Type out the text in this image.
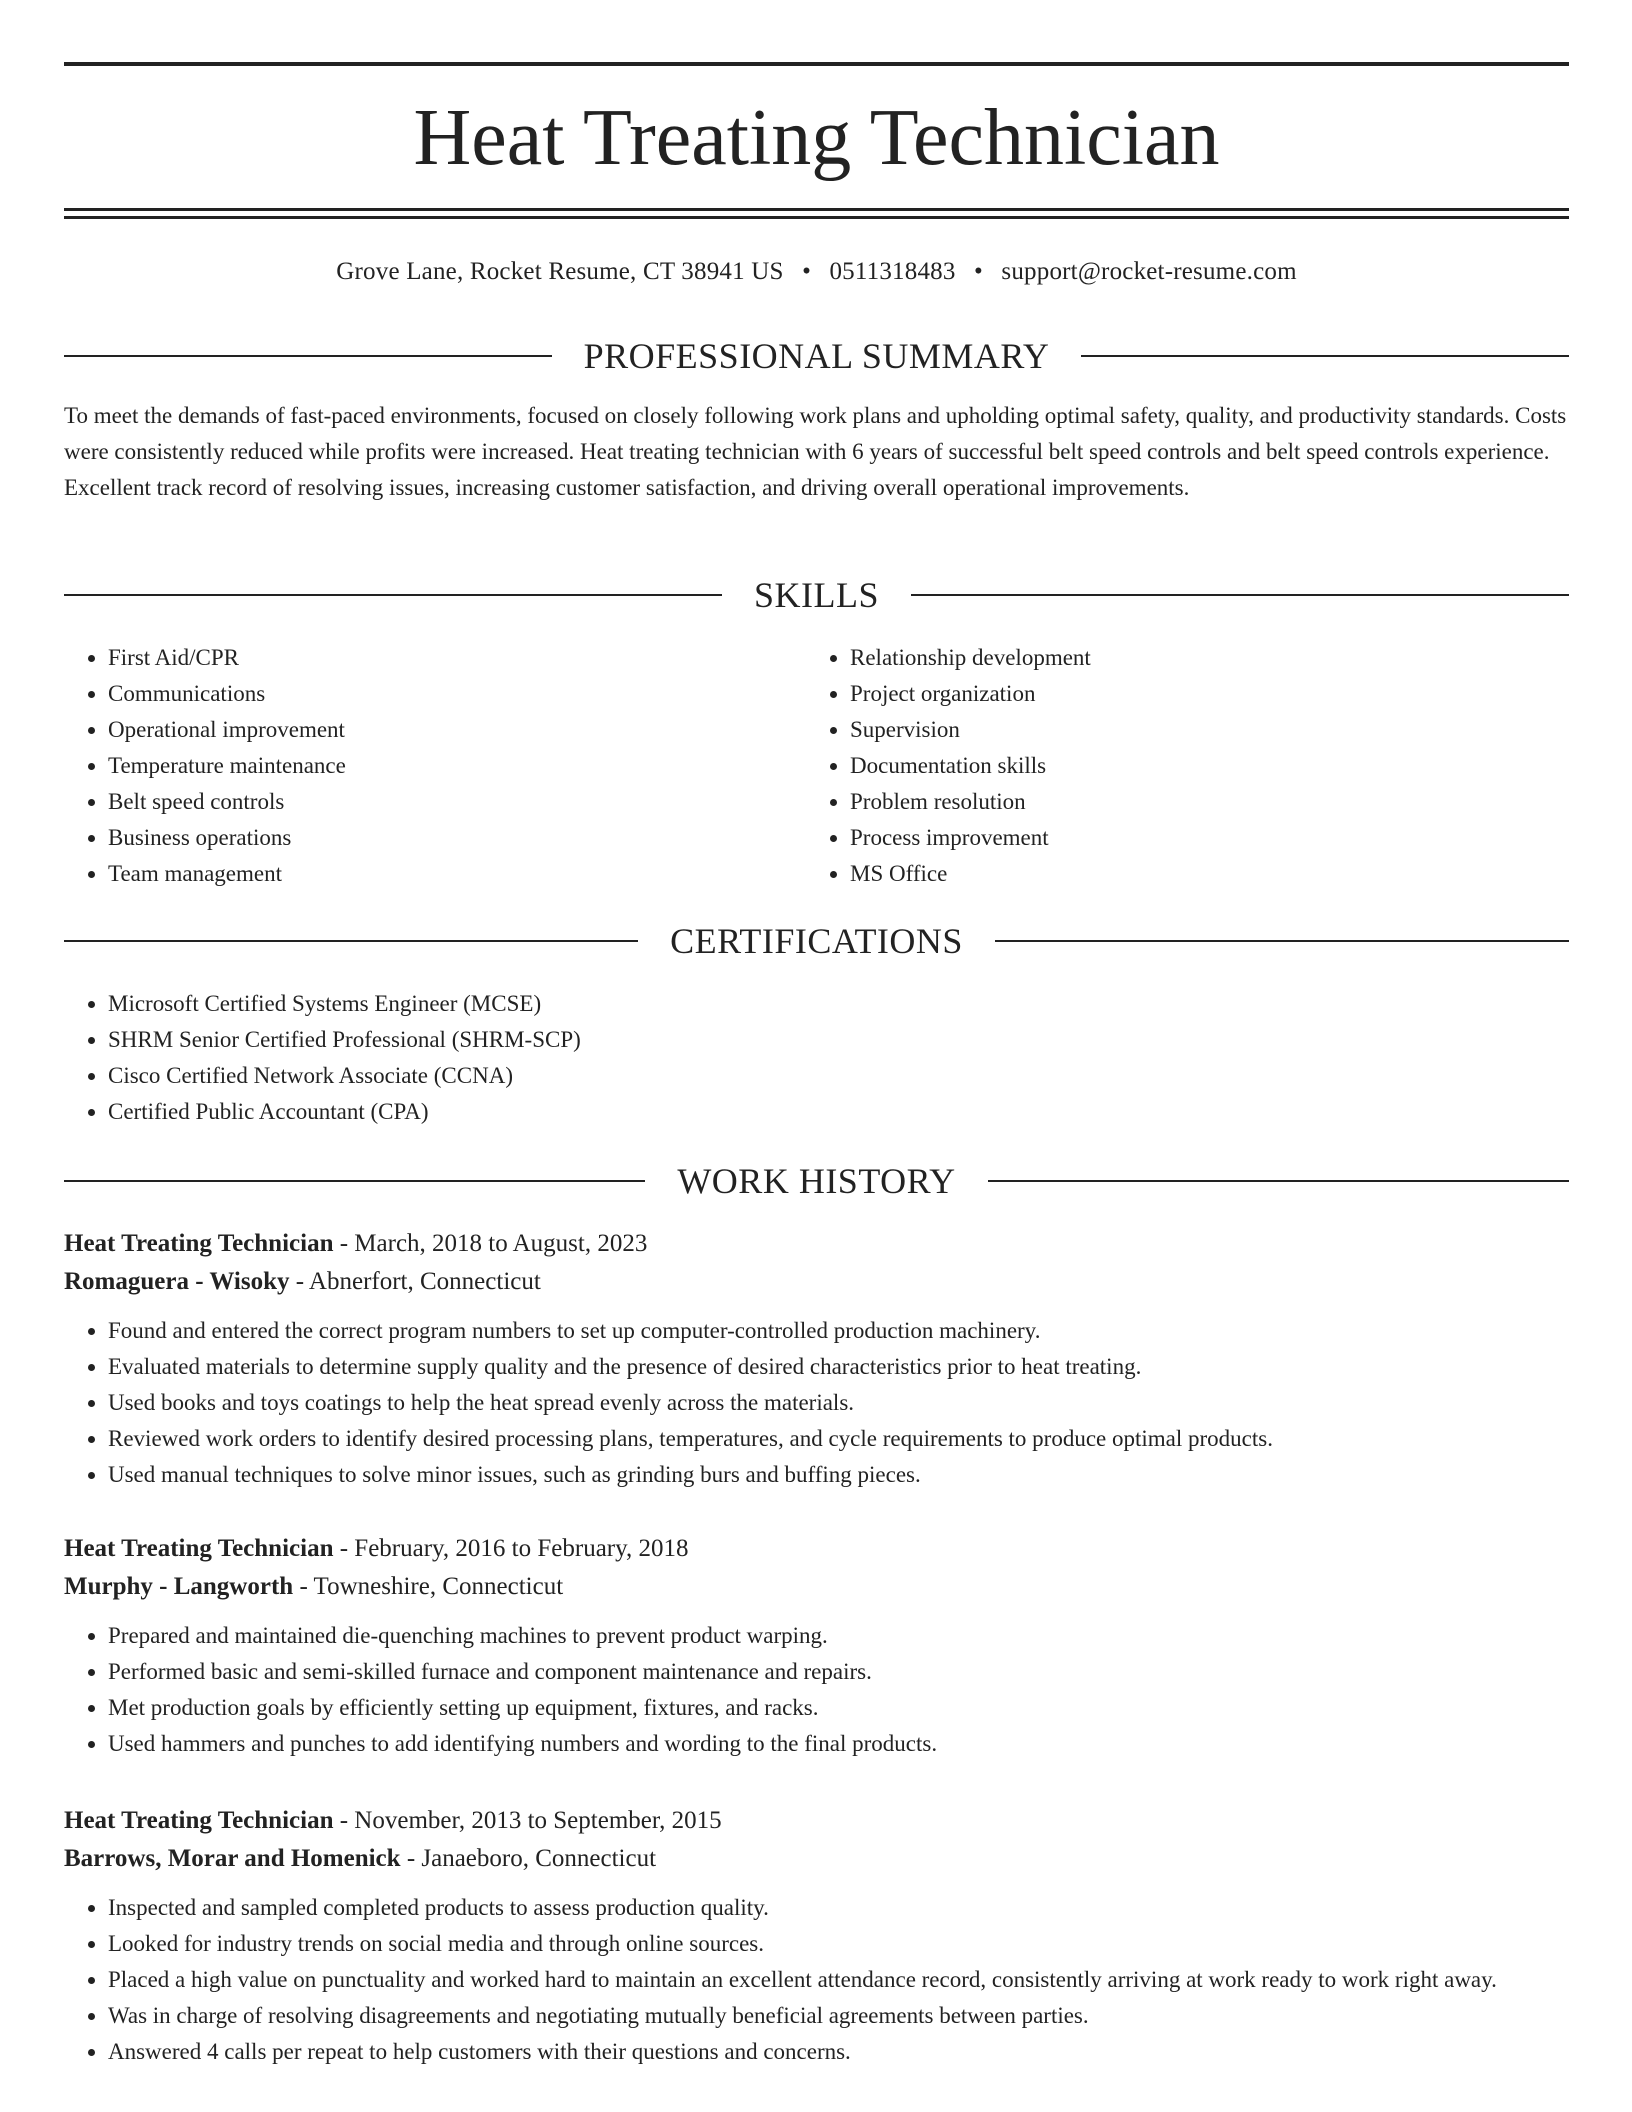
Heat Treating Technician
Grove Lane, Rocket Resume, CT 38941 US • 0511318483 • support@rocket-resume.com
PROFESSIONAL SUMMARY

To meet the demands of fast-paced environments, focused on closely following work plans and upholding optimal safety, quality, and productivity standards. Costs were consistently reduced while profits were increased. Heat treating technician with 6 years of successful belt speed controls and belt speed controls experience. Excellent track record of resolving issues, increasing customer satisfaction, and driving overall operational improvements.

SKILLS
• First Aid/CPR
• Communications
• Operational improvement
• Temperature maintenance
• Belt speed controls
• Business operations
• Team management
• Relationship development
• Project organization
• Supervision
• Documentation skills
• Problem resolution
• Process improvement
• MS Office
CERTIFICATIONS
• Microsoft Certified Systems Engineer (MCSE)
• SHRM Senior Certified Professional (SHRM-SCP)
• Cisco Certified Network Associate (CCNA)
• Certified Public Accountant (CPA)
WORK HISTORY
Heat Treating Technician - March, 2018 to August, 2023
Romaguera - Wisoky - Abnerfort, Connecticut
• Found and entered the correct program numbers to set up computer-controlled production machinery.
• Evaluated materials to determine supply quality and the presence of desired characteristics prior to heat treating.
• Used books and toys coatings to help the heat spread evenly across the materials.
• Reviewed work orders to identify desired processing plans, temperatures, and cycle requirements to produce optimal products.
• Used manual techniques to solve minor issues, such as grinding burs and buffing pieces.
Heat Treating Technician - February, 2016 to February, 2018
Murphy - Langworth - Towneshire, Connecticut
• Prepared and maintained die-quenching machines to prevent product warping.
• Performed basic and semi-skilled furnace and component maintenance and repairs.
• Met production goals by efficiently setting up equipment, fixtures, and racks.
• Used hammers and punches to add identifying numbers and wording to the final products.
Heat Treating Technician - November, 2013 to September, 2015
Barrows, Morar and Homenick - Janaeboro, Connecticut
• Inspected and sampled completed products to assess production quality.
• Looked for industry trends on social media and through online sources.
• Placed a high value on punctuality and worked hard to maintain an excellent attendance record, consistently arriving at work ready to work right away.
• Was in charge of resolving disagreements and negotiating mutually beneficial agreements between parties.
• Answered 4 calls per repeat to help customers with their questions and concerns.
